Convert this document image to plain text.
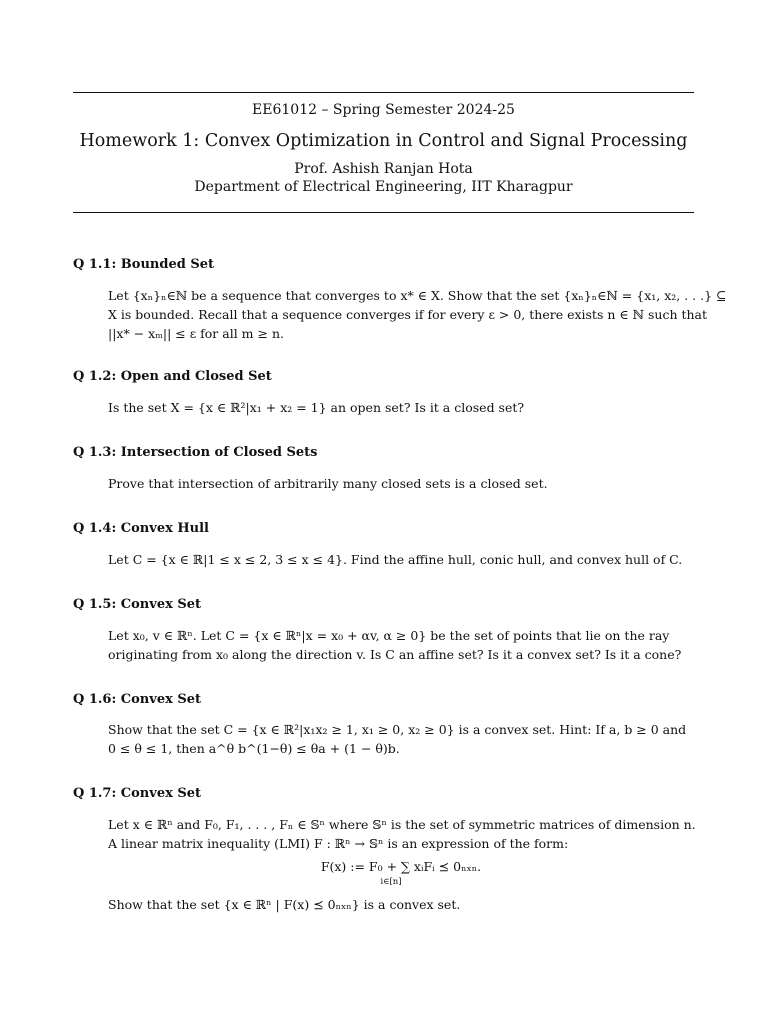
EE61012 – Spring Semester 2024-25
Homework 1: Convex Optimization in Control and Signal Processing
Prof. Ashish Ranjan Hota
Department of Electrical Engineering, IIT Kharagpur
Q 1.1: Bounded Set
Let {xₙ}ₙ∈ℕ be a sequence that converges to x* ∈ X. Show that the set {xₙ}ₙ∈ℕ = {x₁, x₂, . . .} ⊆
X is bounded. Recall that a sequence converges if for every ε > 0, there exists n ∈ ℕ such that
||x* − xₘ|| ≤ ε for all m ≥ n.
Q 1.2: Open and Closed Set
Is the set X = {x ∈ ℝ²|x₁ + x₂ = 1} an open set? Is it a closed set?
Q 1.3: Intersection of Closed Sets
Prove that intersection of arbitrarily many closed sets is a closed set.
Q 1.4: Convex Hull
Let C = {x ∈ ℝ|1 ≤ x ≤ 2, 3 ≤ x ≤ 4}. Find the affine hull, conic hull, and convex hull of C.
Q 1.5: Convex Set
Let x₀, v ∈ ℝⁿ. Let C = {x ∈ ℝⁿ|x = x₀ + αv, α ≥ 0} be the set of points that lie on the ray
originating from x₀ along the direction v. Is C an affine set? Is it a convex set? Is it a cone?
Q 1.6: Convex Set
Show that the set C = {x ∈ ℝ²|x₁x₂ ≥ 1, x₁ ≥ 0, x₂ ≥ 0} is a convex set. Hint: If a, b ≥ 0 and
0 ≤ θ ≤ 1, then a^θ b^(1−θ) ≤ θa + (1 − θ)b.
Q 1.7: Convex Set
Let x ∈ ℝⁿ and F₀, F₁, . . . , Fₙ ∈ 𝕊ⁿ where 𝕊ⁿ is the set of symmetric matrices of dimension n.
A linear matrix inequality (LMI) F : ℝⁿ → 𝕊ⁿ is an expression of the form:
F(x) := F₀ + ∑ xᵢFᵢ ⪯ 0ₙₓₙ.
i∈[n]
Show that the set {x ∈ ℝⁿ | F(x) ⪯ 0ₙₓₙ} is a convex set.
